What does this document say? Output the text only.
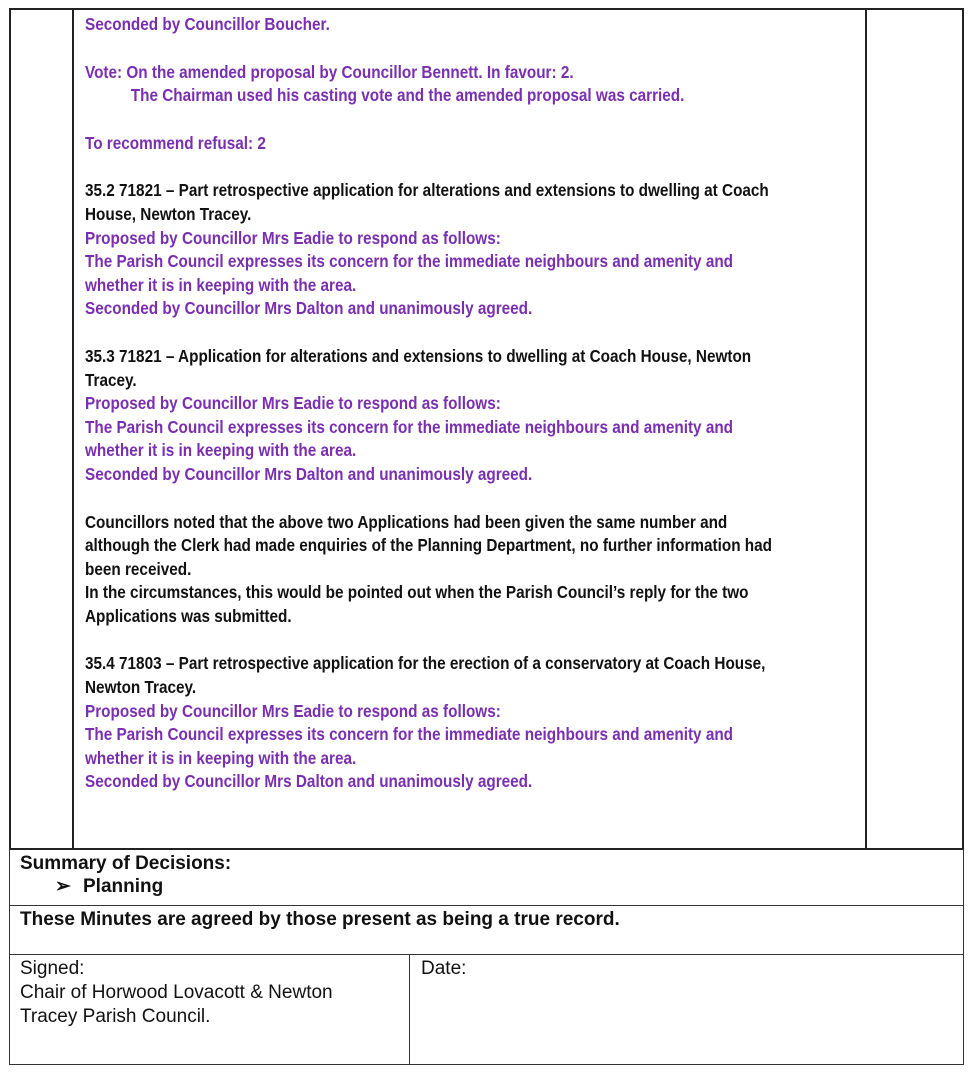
Seconded by Councillor Boucher.
Vote: On the amended proposal by Councillor Bennett. In favour: 2.
The Chairman used his casting vote and the amended proposal was carried.
To recommend refusal: 2
35.2 71821 – Part retrospective application for alterations and extensions to dwelling at Coach
House, Newton Tracey.
Proposed by Councillor Mrs Eadie to respond as follows:
The Parish Council expresses its concern for the immediate neighbours and amenity and
whether it is in keeping with the area.
Seconded by Councillor Mrs Dalton and unanimously agreed.
35.3 71821 – Application for alterations and extensions to dwelling at Coach House, Newton
Tracey.
Proposed by Councillor Mrs Eadie to respond as follows:
The Parish Council expresses its concern for the immediate neighbours and amenity and
whether it is in keeping with the area.
Seconded by Councillor Mrs Dalton and unanimously agreed.
Councillors noted that the above two Applications had been given the same number and
although the Clerk had made enquiries of the Planning Department, no further information had
been received.
In the circumstances, this would be pointed out when the Parish Council’s reply for the two
Applications was submitted.
35.4 71803 – Part retrospective application for the erection of a conservatory at Coach House,
Newton Tracey.
Proposed by Councillor Mrs Eadie to respond as follows:
The Parish Council expresses its concern for the immediate neighbours and amenity and
whether it is in keeping with the area.
Seconded by Councillor Mrs Dalton and unanimously agreed.
Summary of Decisions:
➢ Planning
These Minutes are agreed by those present as being a true record.
Signed:
Chair of Horwood Lovacott & Newton
Tracey Parish Council.
Date:
